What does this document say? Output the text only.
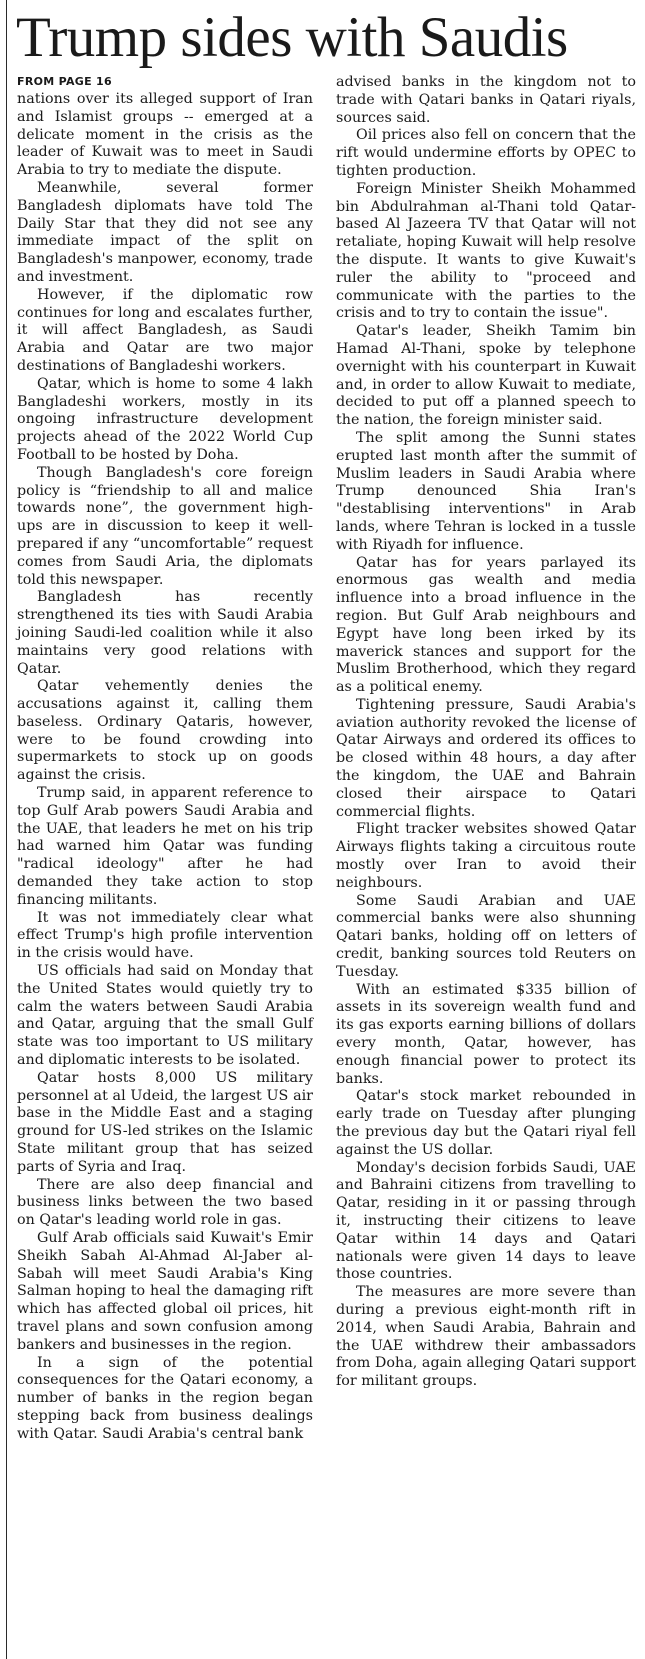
Trump sides with Saudis
FROM PAGE 16

nations over its alleged support of Iran and Islamist groups -- emerged at a delicate moment in the crisis as the leader of Kuwait was to meet in Saudi Arabia to try to mediate the dispute.

Meanwhile, several former Bangladesh diplomats have told The Daily Star that they did not see any immediate impact of the split on Bangladesh's manpower, economy, trade and investment.

However, if the diplomatic row continues for long and escalates further, it will affect Bangladesh, as Saudi Arabia and Qatar are two major destinations of Bangladeshi workers.

Qatar, which is home to some 4 lakh Bangladeshi workers, mostly in its ongoing infrastructure development projects ahead of the 2022 World Cup Football to be hosted by Doha.

Though Bangladesh's core foreign policy is “friendship to all and malice towards none”, the government high-ups are in discussion to keep it well-prepared if any “uncomfortable” request comes from Saudi Aria, the diplomats told this newspaper.

Bangladesh has recently strengthened its ties with Saudi Arabia joining Saudi-led coalition while it also maintains very good relations with Qatar.

Qatar vehemently denies the accusations against it, calling them baseless. Ordinary Qataris, however, were to be found crowding into supermarkets to stock up on goods against the crisis.

Trump said, in apparent reference to top Gulf Arab powers Saudi Arabia and the UAE, that leaders he met on his trip had warned him Qatar was funding "radical ideology" after he had demanded they take action to stop financing militants.

It was not immediately clear what effect Trump's high profile intervention in the crisis would have.

US officials had said on Monday that the United States would quietly try to calm the waters between Saudi Arabia and Qatar, arguing that the small Gulf state was too important to US military and diplomatic interests to be isolated.

Qatar hosts 8,000 US military personnel at al Udeid, the largest US air base in the Middle East and a staging ground for US-led strikes on the Islamic State militant group that has seized parts of Syria and Iraq.

There are also deep financial and business links between the two based on Qatar's leading world role in gas.

Gulf Arab officials said Kuwait's Emir Sheikh Sabah Al-Ahmad Al-Jaber al-Sabah will meet Saudi Arabia's King Salman hoping to heal the damaging rift which has affected global oil prices, hit travel plans and sown confusion among bankers and businesses in the region.

In a sign of the potential consequences for the Qatari economy, a number of banks in the region began stepping back from business dealings with Qatar. Saudi Arabia's central bank

advised banks in the kingdom not to trade with Qatari banks in Qatari riyals, sources said.

Oil prices also fell on concern that the rift would undermine efforts by OPEC to tighten production.

Foreign Minister Sheikh Mohammed bin Abdulrahman al-Thani told Qatar-based Al Jazeera TV that Qatar will not retaliate, hoping Kuwait will help resolve the dispute. It wants to give Kuwait's ruler the ability to "proceed and communicate with the parties to the crisis and to try to contain the issue".

Qatar's leader, Sheikh Tamim bin Hamad Al-Thani, spoke by telephone overnight with his counterpart in Kuwait and, in order to allow Kuwait to mediate, decided to put off a planned speech to the nation, the foreign minister said.

The split among the Sunni states erupted last month after the summit of Muslim leaders in Saudi Arabia where Trump denounced Shia Iran's "destablising interventions" in Arab lands, where Tehran is locked in a tussle with Riyadh for influence.

Qatar has for years parlayed its enormous gas wealth and media influence into a broad influence in the region. But Gulf Arab neighbours and Egypt have long been irked by its maverick stances and support for the Muslim Brotherhood, which they regard as a political enemy.

Tightening pressure, Saudi Arabia's aviation authority revoked the license of Qatar Airways and ordered its offices to be closed within 48 hours, a day after the kingdom, the UAE and Bahrain closed their airspace to Qatari commercial flights.

Flight tracker websites showed Qatar Airways flights taking a circuitous route mostly over Iran to avoid their neighbours.

Some Saudi Arabian and UAE commercial banks were also shunning Qatari banks, holding off on letters of credit, banking sources told Reuters on Tuesday.

With an estimated $335 billion of assets in its sovereign wealth fund and its gas exports earning billions of dollars every month, Qatar, however, has enough financial power to protect its banks.

Qatar's stock market rebounded in early trade on Tuesday after plunging the previous day but the Qatari riyal fell against the US dollar.

Monday's decision forbids Saudi, UAE and Bahraini citizens from travelling to Qatar, residing in it or passing through it, instructing their citizens to leave Qatar within 14 days and Qatari nationals were given 14 days to leave those countries.

The measures are more severe than during a previous eight-month rift in 2014, when Saudi Arabia, Bahrain and the UAE withdrew their ambassadors from Doha, again alleging Qatari support for militant groups.
